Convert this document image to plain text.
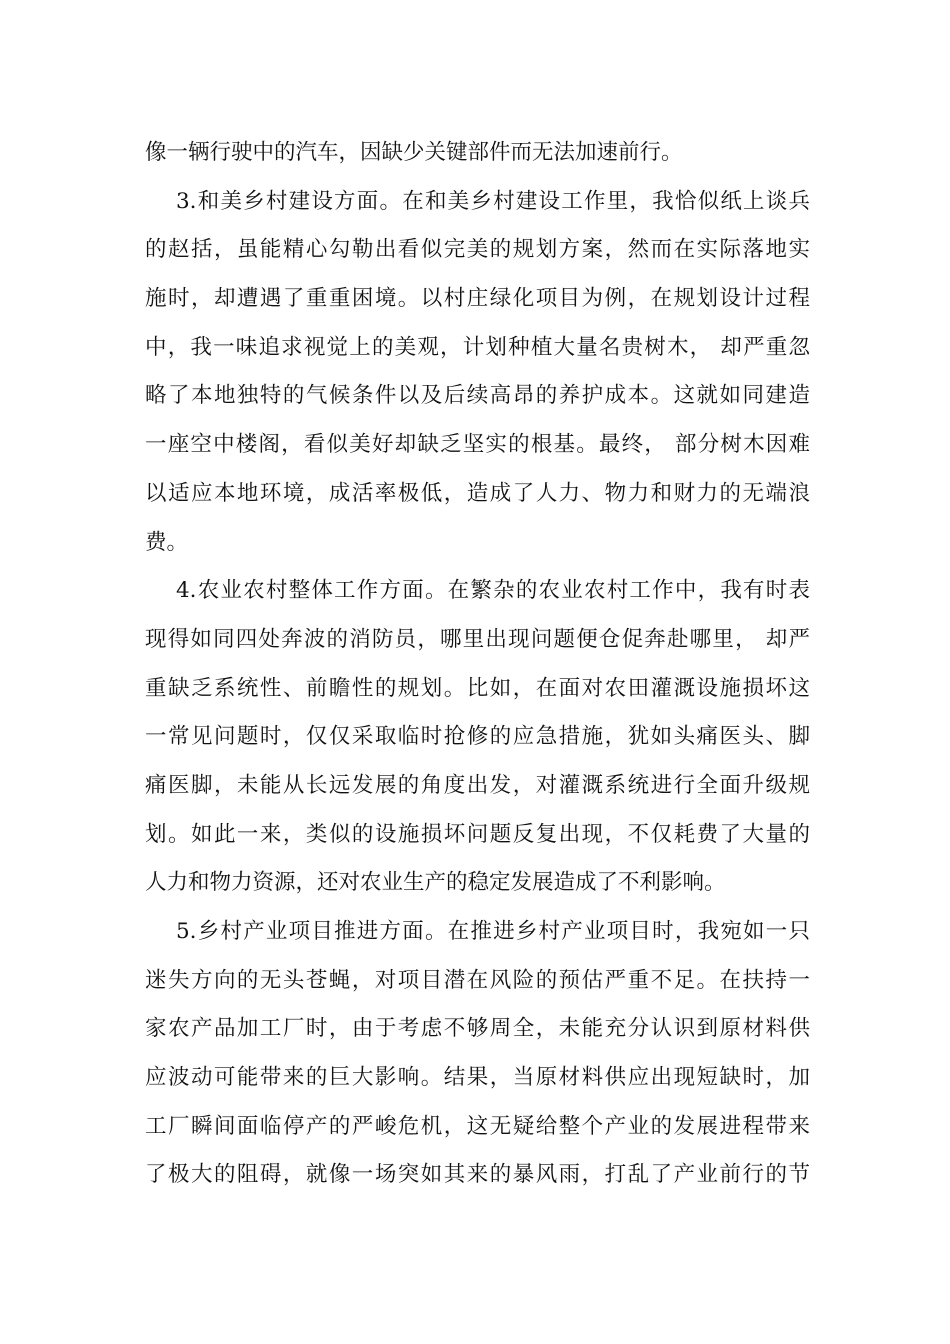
像一辆行驶中的汽车，因缺少关键部件而无法加速前行。
3.和美乡村建设方面。在和美乡村建设工作里，我恰似纸上谈兵
的赵括，虽能精心勾勒出看似完美的规划方案，然而在实际落地实
施时，却遭遇了重重困境。以村庄绿化项目为例，在规划设计过程
中，我一味追求视觉上的美观，计划种植大量名贵树木， 却严重忽
略了本地独特的气候条件以及后续高昂的养护成本。这就如同建造
一座空中楼阁，看似美好却缺乏坚实的根基。最终， 部分树木因难
以适应本地环境，成活率极低，造成了人力、物力和财力的无端浪
费。
4.农业农村整体工作方面。在繁杂的农业农村工作中，我有时表
现得如同四处奔波的消防员，哪里出现问题便仓促奔赴哪里， 却严
重缺乏系统性、前瞻性的规划。比如，在面对农田灌溉设施损坏这
一常见问题时，仅仅采取临时抢修的应急措施，犹如头痛医头、脚
痛医脚，未能从长远发展的角度出发，对灌溉系统进行全面升级规
划。如此一来，类似的设施损坏问题反复出现，不仅耗费了大量的
人力和物力资源，还对农业生产的稳定发展造成了不利影响。
5.乡村产业项目推进方面。在推进乡村产业项目时，我宛如一只
迷失方向的无头苍蝇，对项目潜在风险的预估严重不足。在扶持一
家农产品加工厂时，由于考虑不够周全，未能充分认识到原材料供
应波动可能带来的巨大影响。结果，当原材料供应出现短缺时，加
工厂瞬间面临停产的严峻危机，这无疑给整个产业的发展进程带来
了极大的阻碍，就像一场突如其来的暴风雨，打乱了产业前行的节
